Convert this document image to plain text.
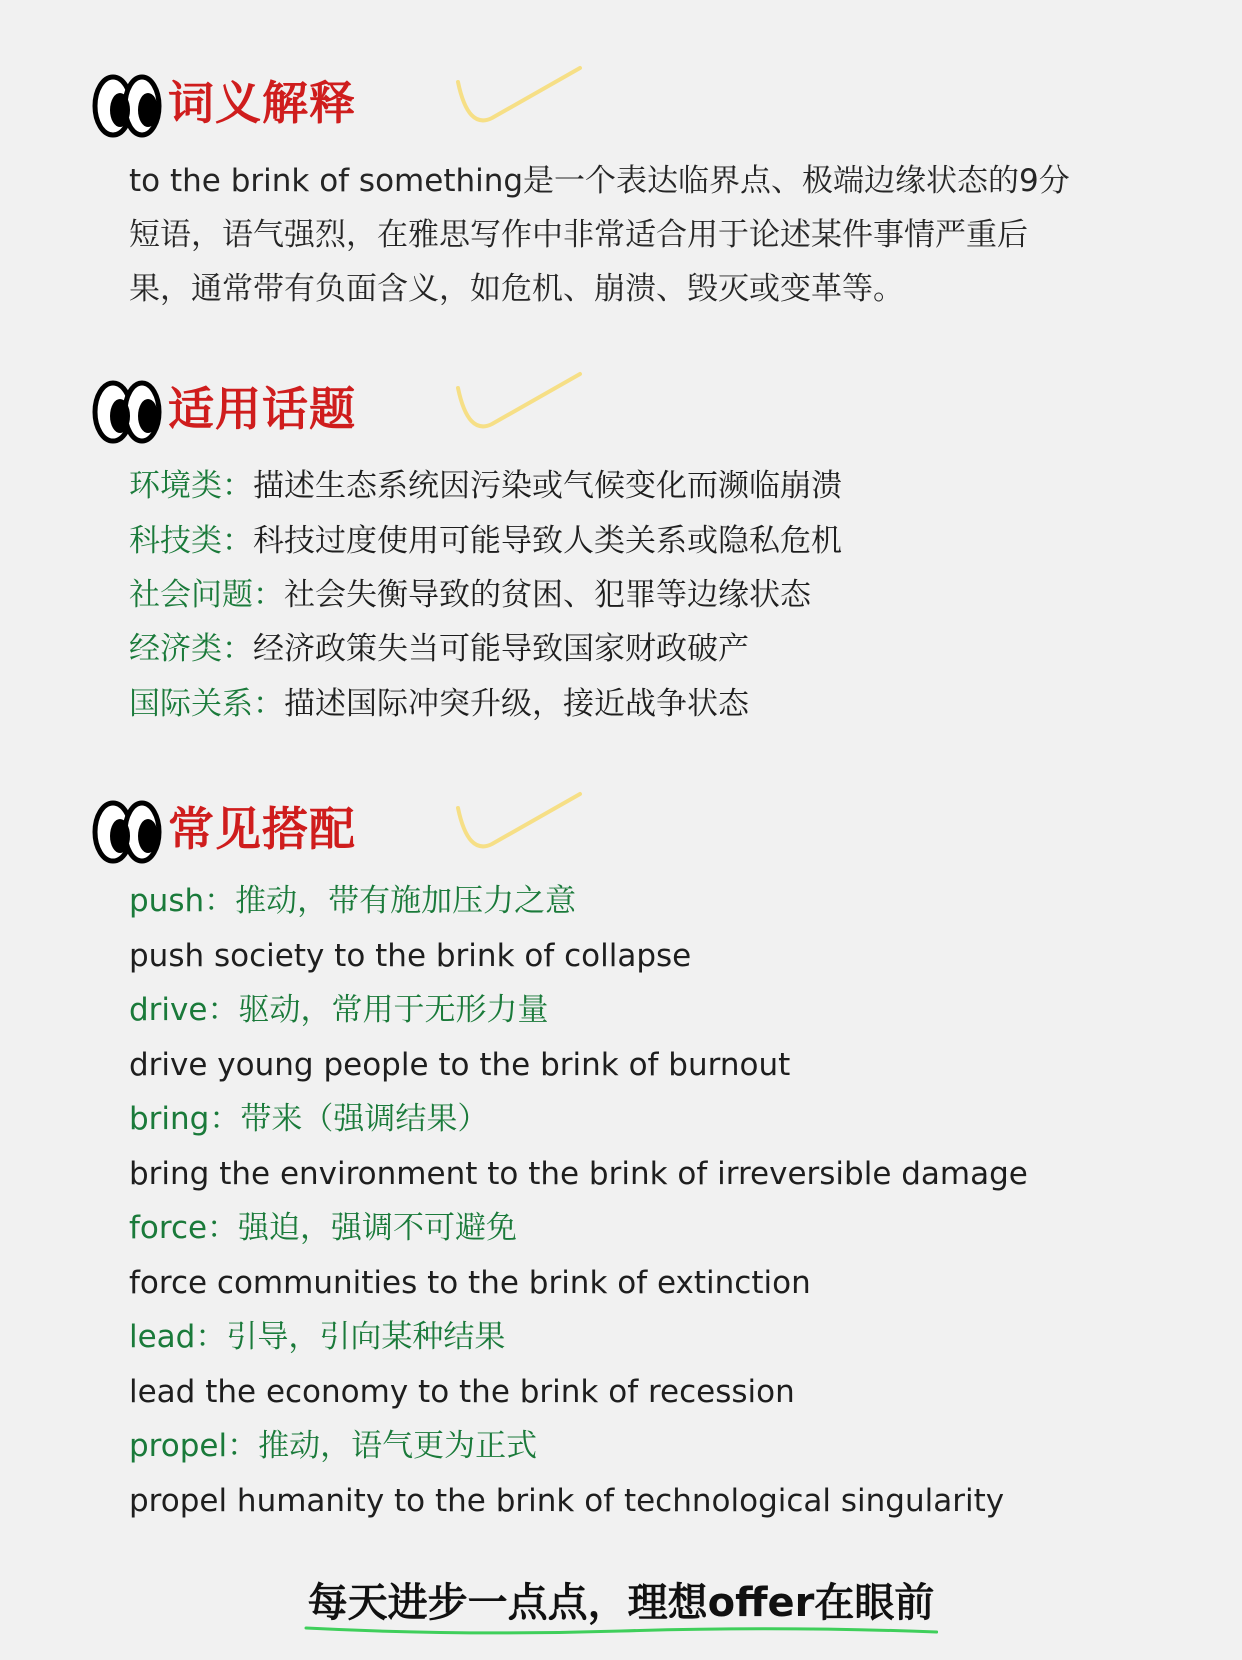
词义解释
to the brink of something是一个表达临界点、极端边缘状态的9分短语，语气强烈，在雅思写作中非常适合用于论述某件事情严重后果，通常带有负面含义，如危机、崩溃、毁灭或变革等。
适用话题
环境类：描述生态系统因污染或气候变化而濒临崩溃
科技类：科技过度使用可能导致人类关系或隐私危机
社会问题：社会失衡导致的贫困、犯罪等边缘状态
经济类：经济政策失当可能导致国家财政破产
国际关系：描述国际冲突升级，接近战争状态
常见搭配
push：推动，带有施加压力之意
push society to the brink of collapse
drive：驱动，常用于无形力量
drive young people to the brink of burnout
bring：带来（强调结果）
bring the environment to the brink of irreversible damage
force：强迫，强调不可避免
force communities to the brink of extinction
lead：引导，引向某种结果
lead the economy to the brink of recession
propel：推动，语气更为正式
propel humanity to the brink of technological singularity
每天进步一点点，理想offer在眼前
